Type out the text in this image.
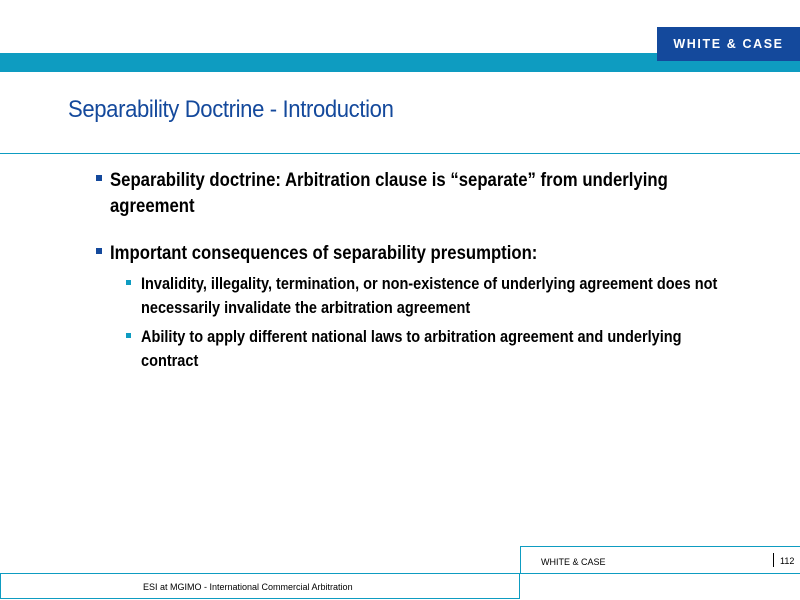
WHITE & CASE
Separability Doctrine - Introduction
Separability doctrine: Arbitration clause is “separate” from underlying agreement
Important consequences of separability presumption:
Invalidity, illegality, termination, or non-existence of underlying agreement does not necessarily invalidate the arbitration agreement
Ability to apply different national laws to arbitration agreement and underlying contract
WHITE & CASE	112
ESI at MGIMO - International Commercial Arbitration
